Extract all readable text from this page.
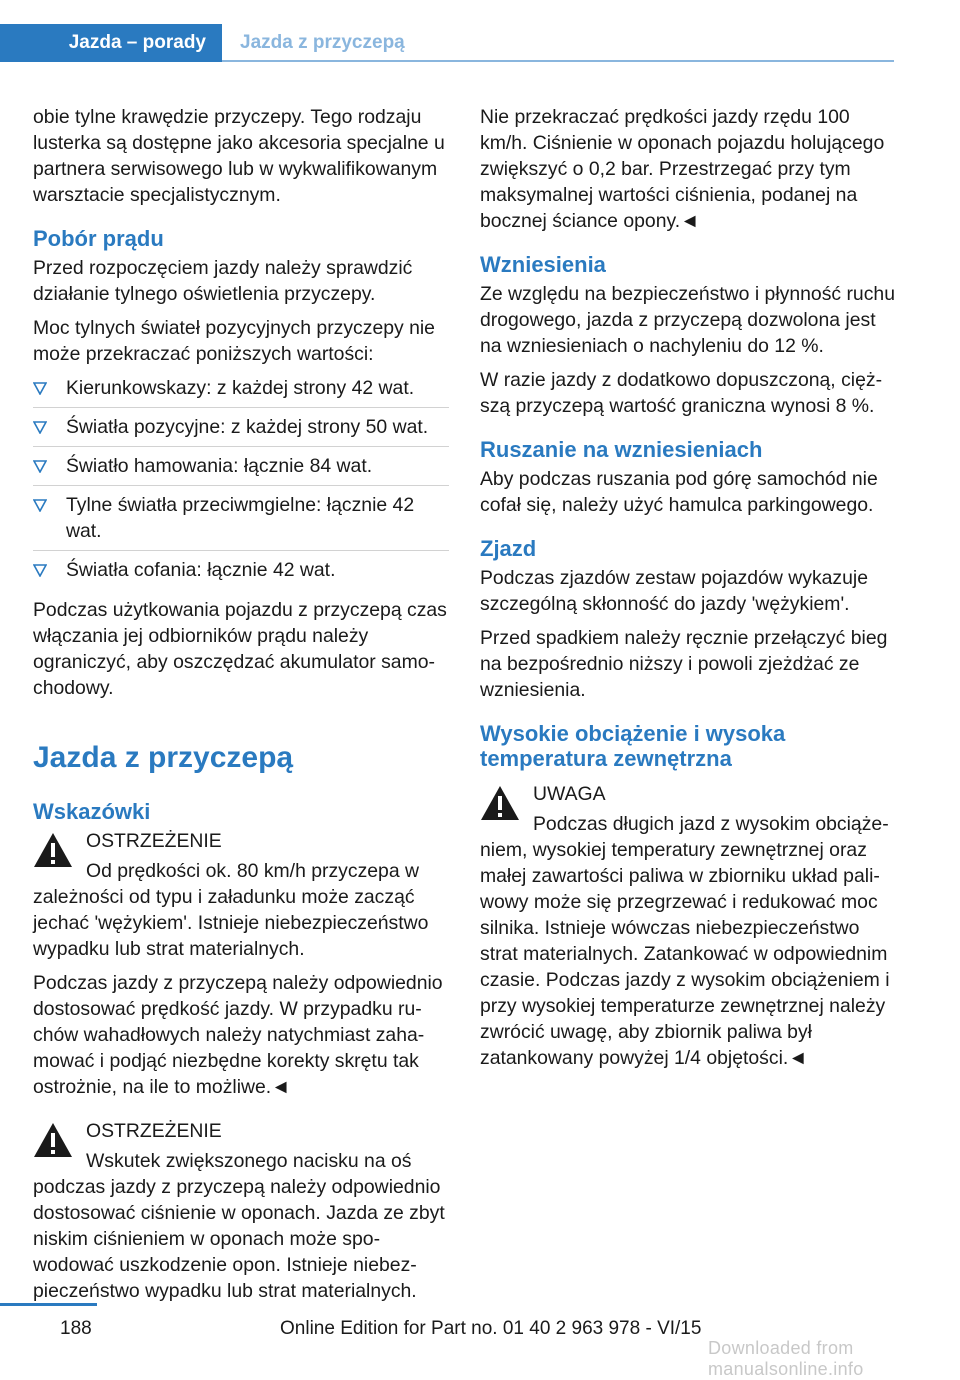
Jazda – porady	Jazda z przyczepą

obie tylne krawędzie przyczepy. Tego rodzaju lusterka są dostępne jako akcesoria specjalne u partnera serwisowego lub w wykwalifikowanym warsztacie specjalistycznym.

Pobór prądu

Przed rozpoczęciem jazdy należy sprawdzić działanie tylnego oświetlenia przyczepy.

Moc tylnych świateł pozycyjnych przyczepy nie może przekraczać poniższych wartości:

Kierunkowskazy: z każdej strony 42 wat.
Światła pozycyjne: z każdej strony 50 wat.
Światło hamowania: łącznie 84 wat.
Tylne światła przeciwmgielne: łącznie 42 wat.
Światła cofania: łącznie 42 wat.

Podczas użytkowania pojazdu z przyczepą czas włączania jej odbiorników prądu należy ograniczyć, aby oszczędzać akumulator samochodowy.

Jazda z przyczepą
Wskazówki

OSTRZEŻENIE

Od prędkości ok. 80 km/h przyczepa w zależności od typu i załadunku może zacząć jechać 'wężykiem'. Istnieje niebezpieczeństwo wypadku lub strat materialnych.

Podczas jazdy z przyczepą należy odpowiednio dostosować prędkość jazdy. W przypadku ruchów wahadłowych należy natychmiast zahamować i podjąć niezbędne korekty skrętu tak ostrożnie, na ile to możliwe.◄

OSTRZEŻENIE

Wskutek zwiększonego nacisku na oś podczas jazdy z przyczepą należy odpowiednio dostosować ciśnienie w oponach. Jazda ze zbyt niskim ciśnieniem w oponach może spowodować uszkodzenie opon. Istnieje niebezpieczeństwo wypadku lub strat materialnych.

Nie przekraczać prędkości jazdy rzędu 100 km/h. Ciśnienie w oponach pojazdu holującego zwiększyć o 0,2 bar. Przestrzegać przy tym maksymalnej wartości ciśnienia, podanej na bocznej ściance opony.◄

Wzniesienia

Ze względu na bezpieczeństwo i płynność ruchu drogowego, jazda z przyczepą dozwolona jest na wzniesieniach o nachyleniu do 12 %.

W razie jazdy z dodatkowo dopuszczoną, cięższą przyczepą wartość graniczna wynosi 8 %.

Ruszanie na wzniesieniach

Aby podczas ruszania pod górę samochód nie cofał się, należy użyć hamulca parkingowego.

Zjazd

Podczas zjazdów zestaw pojazdów wykazuje szczególną skłonność do jazdy 'wężykiem'.

Przed spadkiem należy ręcznie przełączyć bieg na bezpośrednio niższy i powoli zjeżdżać ze wzniesienia.

Wysokie obciążenie i wysoka temperatura zewnętrzna

UWAGA

Podczas długich jazd z wysokim obciążeniem, wysokiej temperatury zewnętrznej oraz małej zawartości paliwa w zbiorniku układ paliwowy może się przegrzewać i redukować moc silnika. Istnieje wówczas niebezpieczeństwo strat materialnych. Zatankować w odpowiednim czasie. Podczas jazdy z wysokim obciążeniem i przy wysokiej temperaturze zewnętrznej należy zwrócić uwagę, aby zbiornik paliwa był zatankowany powyżej 1/4 objętości.◄

188	Online Edition for Part no. 01 40 2 963 978 - VI/15
Downloaded from manualsonline.info
